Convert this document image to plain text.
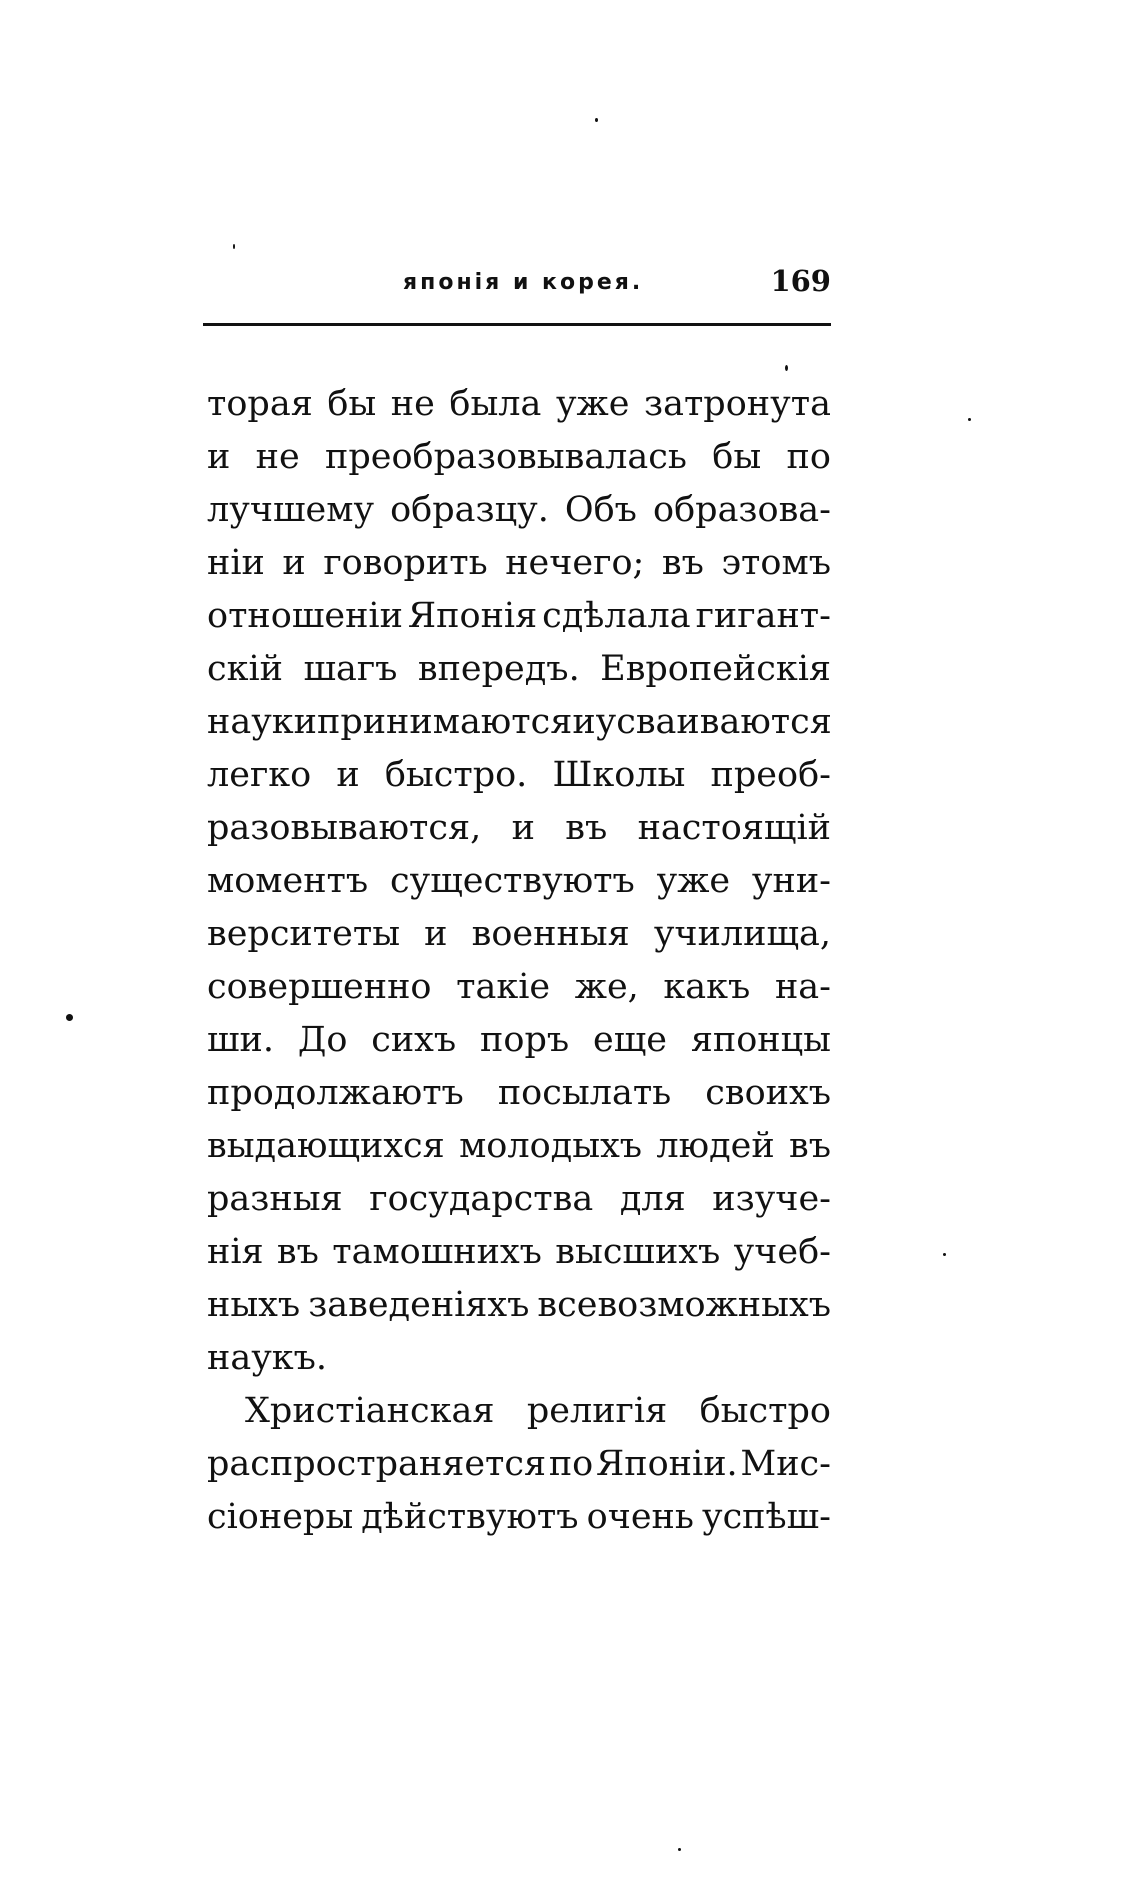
японія и корея.	169
торая бы не была уже затронута
и не преобразовывалась бы по
лучшему образцу. Объ образова-
ніи и говорить нечего; въ этомъ
отношеніи Японія сдѣлала гигант-
скій шагъ впередъ. Европейскія
науки принимаются и усваиваются
легко и быстро. Школы преоб-
разовываются, и въ настоящій
моментъ существуютъ уже уни-
верситеты и военныя училища,
совершенно такіе же, какъ на-
ши. До сихъ поръ еще японцы
продолжаютъ посылать своихъ
выдающихся молодыхъ людей въ
разныя государства для изуче-
нія въ тамошнихъ высшихъ учеб-
ныхъ заведеніяхъ всевозможныхъ
наукъ.
Христіанская религія быстро
распространяется по Японіи. Мис-
сіонеры дѣйствуютъ очень успѣш-
